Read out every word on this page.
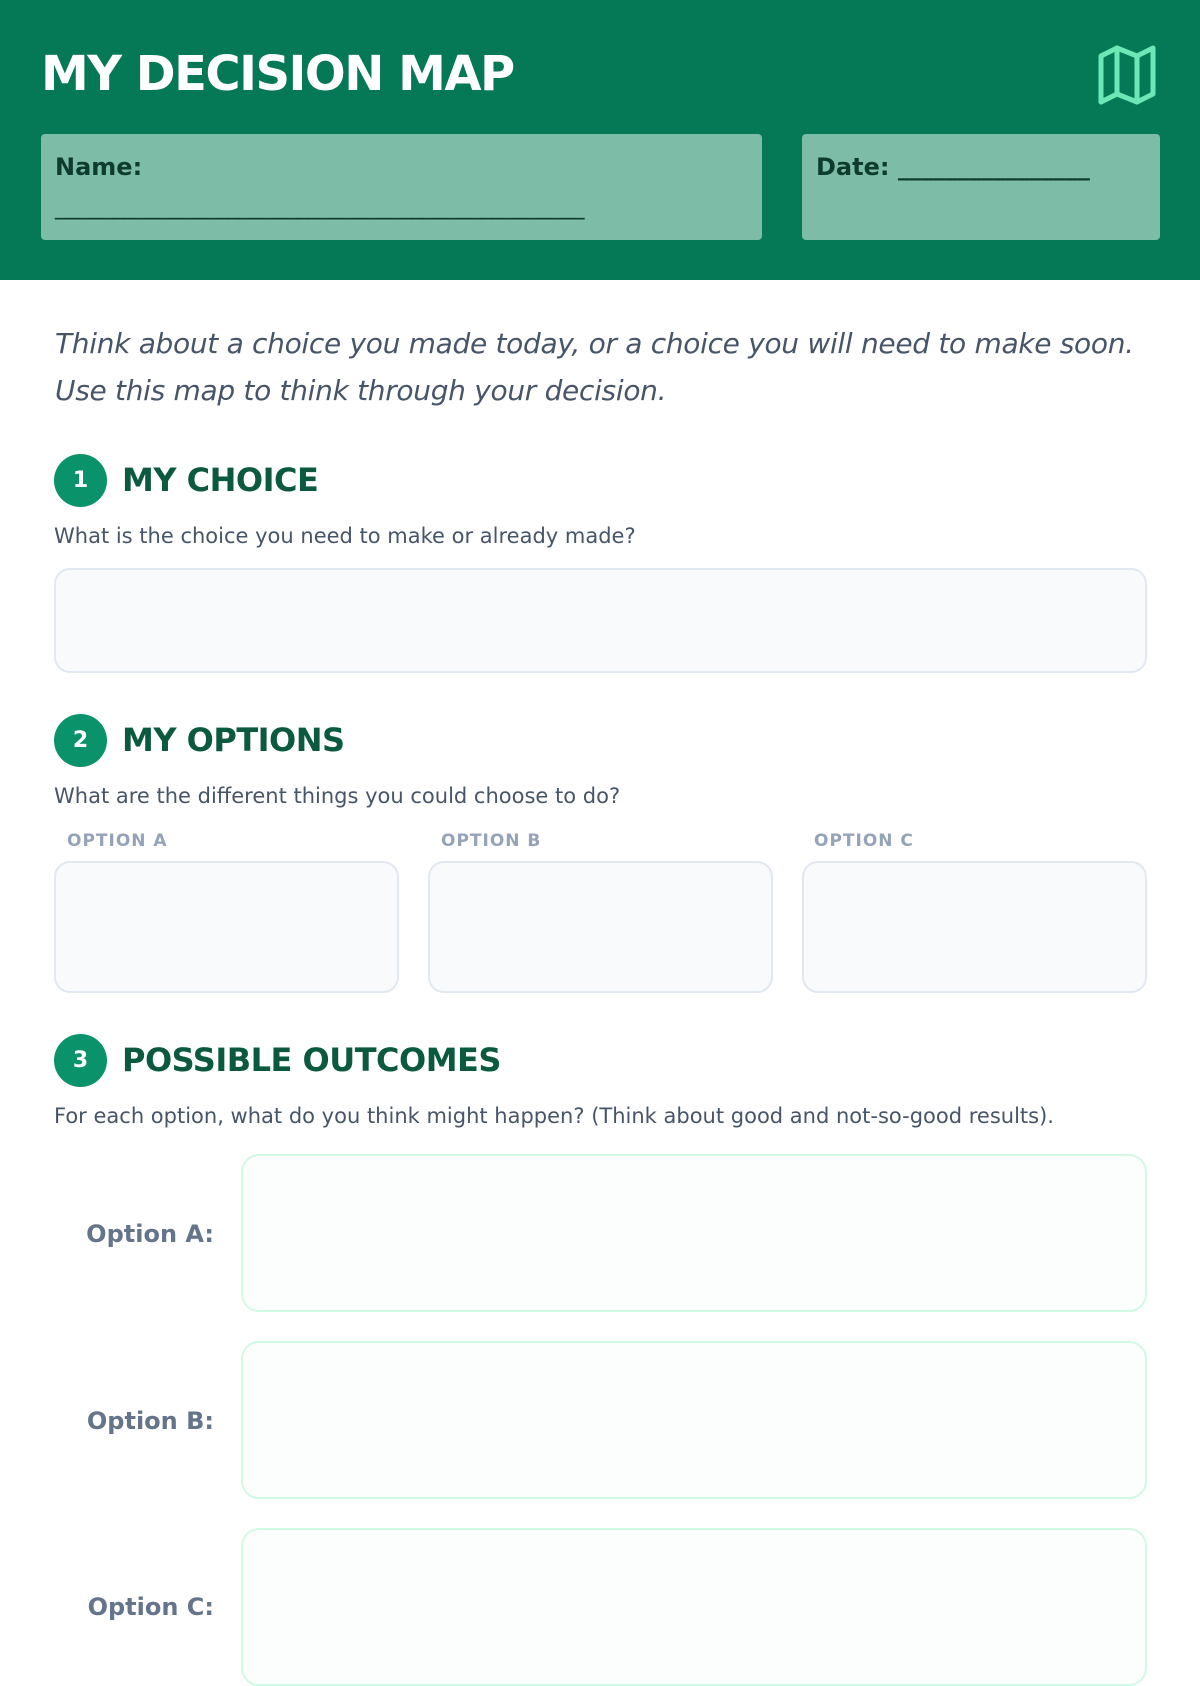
MY DECISION MAP
Name:
______________________________________________
Date: ________________
Think about a choice you made today, or a choice you will need to make soon.
Use this map to think through your decision.
1	MY CHOICE
What is the choice you need to make or already made?
2	MY OPTIONS
What are the different things you could choose to do?
OPTION A	OPTION B	OPTION C
3	POSSIBLE OUTCOMES
For each option, what do you think might happen? (Think about good and not-so-good results).
Option A:
Option B:
Option C:
